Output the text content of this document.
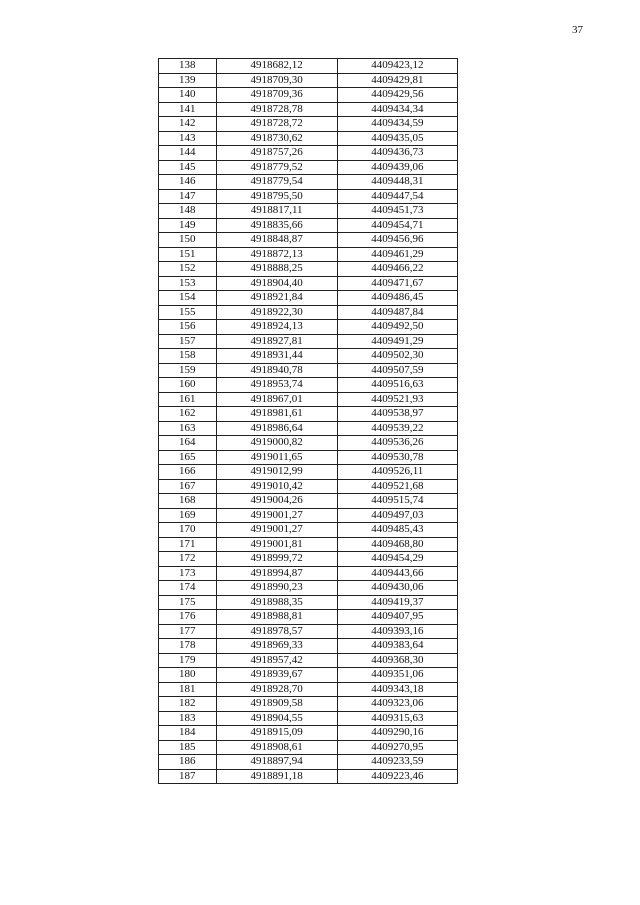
37
138	4918682,12	4409423,12
139	4918709,30	4409429,81
140	4918709,36	4409429,56
141	4918728,78	4409434,34
142	4918728,72	4409434,59
143	4918730,62	4409435,05
144	4918757,26	4409436,73
145	4918779,52	4409439,06
146	4918779,54	4409448,31
147	4918795,50	4409447,54
148	4918817,11	4409451,73
149	4918835,66	4409454,71
150	4918848,87	4409456,96
151	4918872,13	4409461,29
152	4918888,25	4409466,22
153	4918904,40	4409471,67
154	4918921,84	4409486,45
155	4918922,30	4409487,84
156	4918924,13	4409492,50
157	4918927,81	4409491,29
158	4918931,44	4409502,30
159	4918940,78	4409507,59
160	4918953,74	4409516,63
161	4918967,01	4409521,93
162	4918981,61	4409538,97
163	4918986,64	4409539,22
164	4919000,82	4409536,26
165	4919011,65	4409530,78
166	4919012,99	4409526,11
167	4919010,42	4409521,68
168	4919004,26	4409515,74
169	4919001,27	4409497,03
170	4919001,27	4409485,43
171	4919001,81	4409468,80
172	4918999,72	4409454,29
173	4918994,87	4409443,66
174	4918990,23	4409430,06
175	4918988,35	4409419,37
176	4918988,81	4409407,95
177	4918978,57	4409393,16
178	4918969,33	4409383,64
179	4918957,42	4409368,30
180	4918939,67	4409351,06
181	4918928,70	4409343,18
182	4918909,58	4409323,06
183	4918904,55	4409315,63
184	4918915,09	4409290,16
185	4918908,61	4409270,95
186	4918897,94	4409233,59
187	4918891,18	4409223,46
